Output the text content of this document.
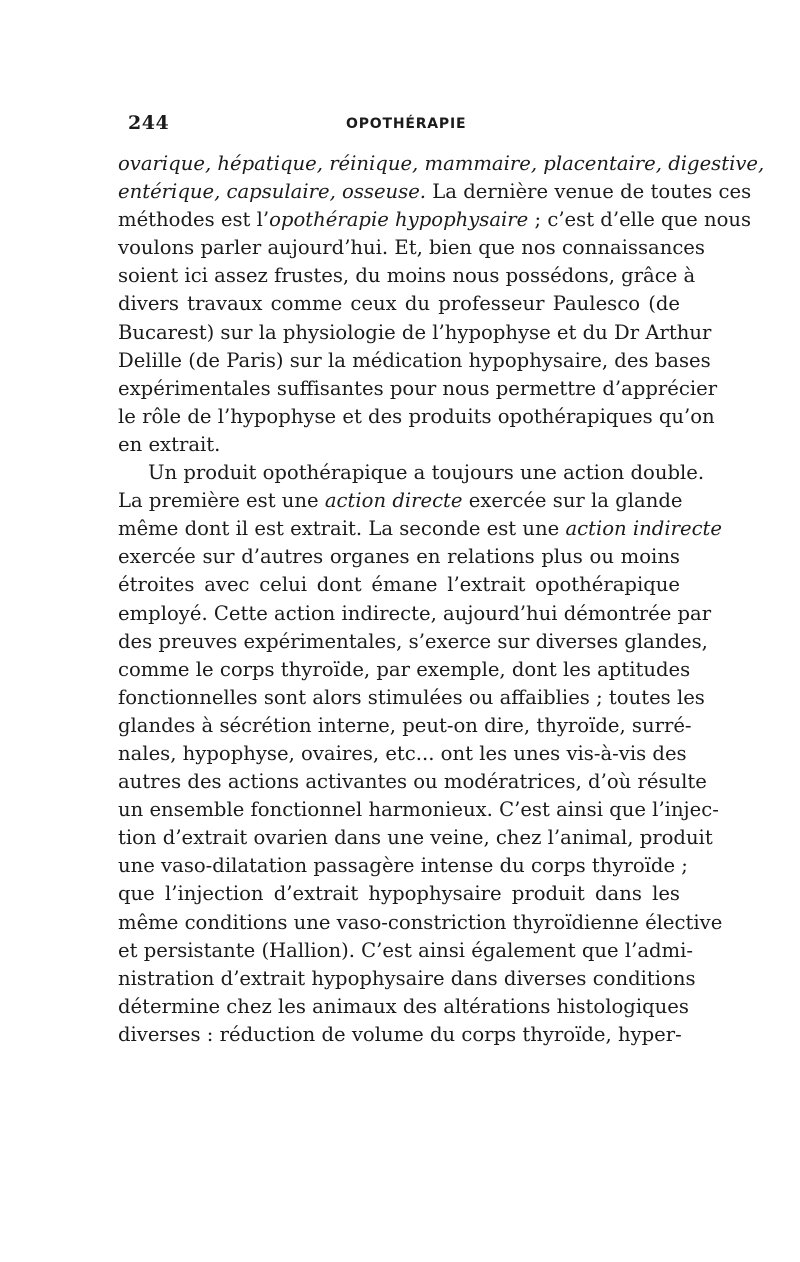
244	OPOTHÉRAPIE
ovarique, hépatique, réinique, mammaire, placentaire, digestive,
entérique, capsulaire, osseuse. La dernière venue de toutes ces
méthodes est l’opothérapie hypophysaire ; c’est d’elle que nous
voulons parler aujourd’hui. Et, bien que nos connaissances
soient ici assez frustes, du moins nous possédons, grâce à
divers travaux comme ceux du professeur Paulesco (de
Bucarest) sur la physiologie de l’hypophyse et du Dr Arthur
Delille (de Paris) sur la médication hypophysaire, des bases
expérimentales suffisantes pour nous permettre d’apprécier
le rôle de l’hypophyse et des produits opothérapiques qu’on
en extrait.
Un produit opothérapique a toujours une action double.
La première est une action directe exercée sur la glande
même dont il est extrait. La seconde est une action indirecte
exercée sur d’autres organes en relations plus ou moins
étroites avec celui dont émane l’extrait opothérapique
employé. Cette action indirecte, aujourd’hui démontrée par
des preuves expérimentales, s’exerce sur diverses glandes,
comme le corps thyroïde, par exemple, dont les aptitudes
fonctionnelles sont alors stimulées ou affaiblies ; toutes les
glandes à sécrétion interne, peut-on dire, thyroïde, surré-
nales, hypophyse, ovaires, etc... ont les unes vis-à-vis des
autres des actions activantes ou modératrices, d’où résulte
un ensemble fonctionnel harmonieux. C’est ainsi que l’injec-
tion d’extrait ovarien dans une veine, chez l’animal, produit
une vaso-dilatation passagère intense du corps thyroïde ;
que l’injection d’extrait hypophysaire produit dans les
même conditions une vaso-constriction thyroïdienne élective
et persistante (Hallion). C’est ainsi également que l’admi-
nistration d’extrait hypophysaire dans diverses conditions
détermine chez les animaux des altérations histologiques
diverses : réduction de volume du corps thyroïde, hyper-
